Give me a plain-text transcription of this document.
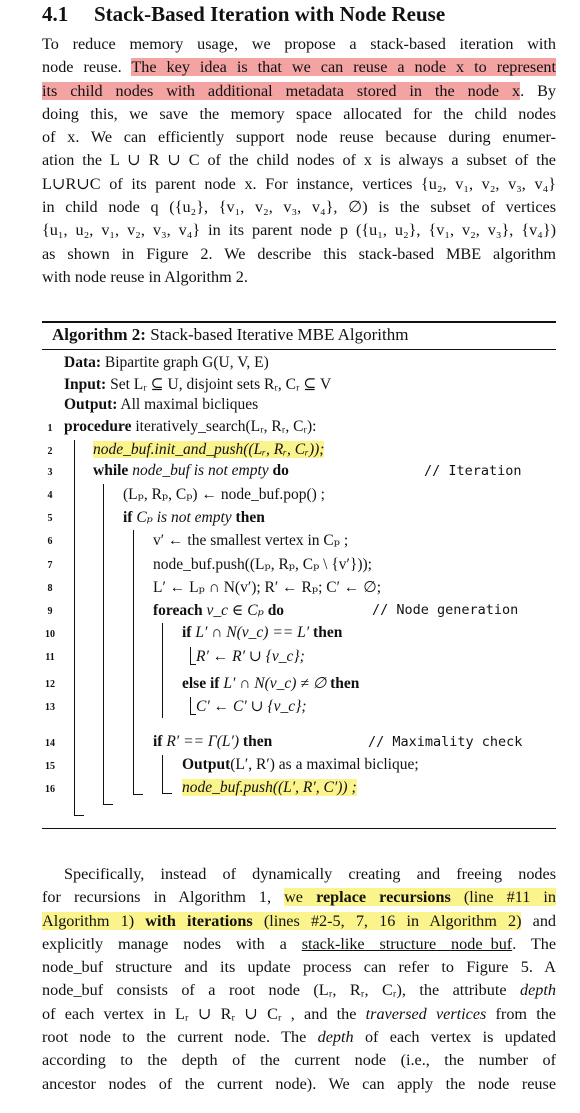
4.1 Stack-Based Iteration with Node Reuse
To reduce memory usage, we propose a stack-based iteration with
node reuse. The key idea is that we can reuse a node x to represent
its child nodes with additional metadata stored in the node x. By
doing this, we save the memory space allocated for the child nodes
of x. We can efficiently support node reuse because during enumer-
ation the L ∪ R ∪ C of the child nodes of x is always a subset of the
L∪R∪C of its parent node x. For instance, vertices {u₂, v₁, v₂, v₃, v₄}
in child node q ({u₂}, {v₁, v₂, v₃, v₄}, ∅) is the subset of vertices
{u₁, u₂, v₁, v₂, v₃, v₄} in its parent node p ({u₁, u₂}, {v₁, v₂, v₃}, {v₄})
as shown in Figure 2. We describe this stack-based MBE algorithm
with node reuse in Algorithm 2.
Algorithm 2: Stack-based Iterative MBE Algorithm
Data: Bipartite graph G(U, V, E)
Input: Set Lᵣ ⊆ U, disjoint sets Rᵣ, Cᵣ ⊆ V
Output: All maximal bicliques
1 procedure iteratively_search(Lᵣ, Rᵣ, Cᵣ):
2	node_buf.init_and_push((Lᵣ, Rᵣ, Cᵣ));
3	while node_buf is not empty do	// Iteration
4	(Lₚ, Rₚ, Cₚ) ← node_buf.pop() ;
5	if Cₚ is not empty then
6	v′ ← the smallest vertex in Cₚ ;
7	node_buf.push((Lₚ, Rₚ, Cₚ \ {v′}));
8	L′ ← Lₚ ∩ N(v′); R′ ← Rₚ; C′ ← ∅;
9	foreach v_c ∈ Cₚ do	// Node generation
10	if L′ ∩ N(v_c) == L′ then
11	R′ ← R′ ∪ {v_c};
12	else if L′ ∩ N(v_c) ≠ ∅ then
13	C′ ← C′ ∪ {v_c};
14	if R′ == Γ(L′) then	// Maximality check
15	Output(L′, R′) as a maximal biclique;
16	node_buf.push((L′, R′, C′)) ;
Specifically, instead of dynamically creating and freeing nodes
for recursions in Algorithm 1, we replace recursions (line #11 in
Algorithm 1) with iterations (lines #2-5, 7, 16 in Algorithm 2) and
explicitly manage nodes with a stack-like structure node_buf. The
node_buf structure and its update process can refer to Figure 5. A
node_buf consists of a root node (Lᵣ, Rᵣ, Cᵣ), the attribute depth
of each vertex in Lᵣ ∪ Rᵣ ∪ Cᵣ , and the traversed vertices from the
root node to the current node. The depth of each vertex is updated
according to the depth of the current node (i.e., the number of
ancestor nodes of the current node). We can apply the node reuse
